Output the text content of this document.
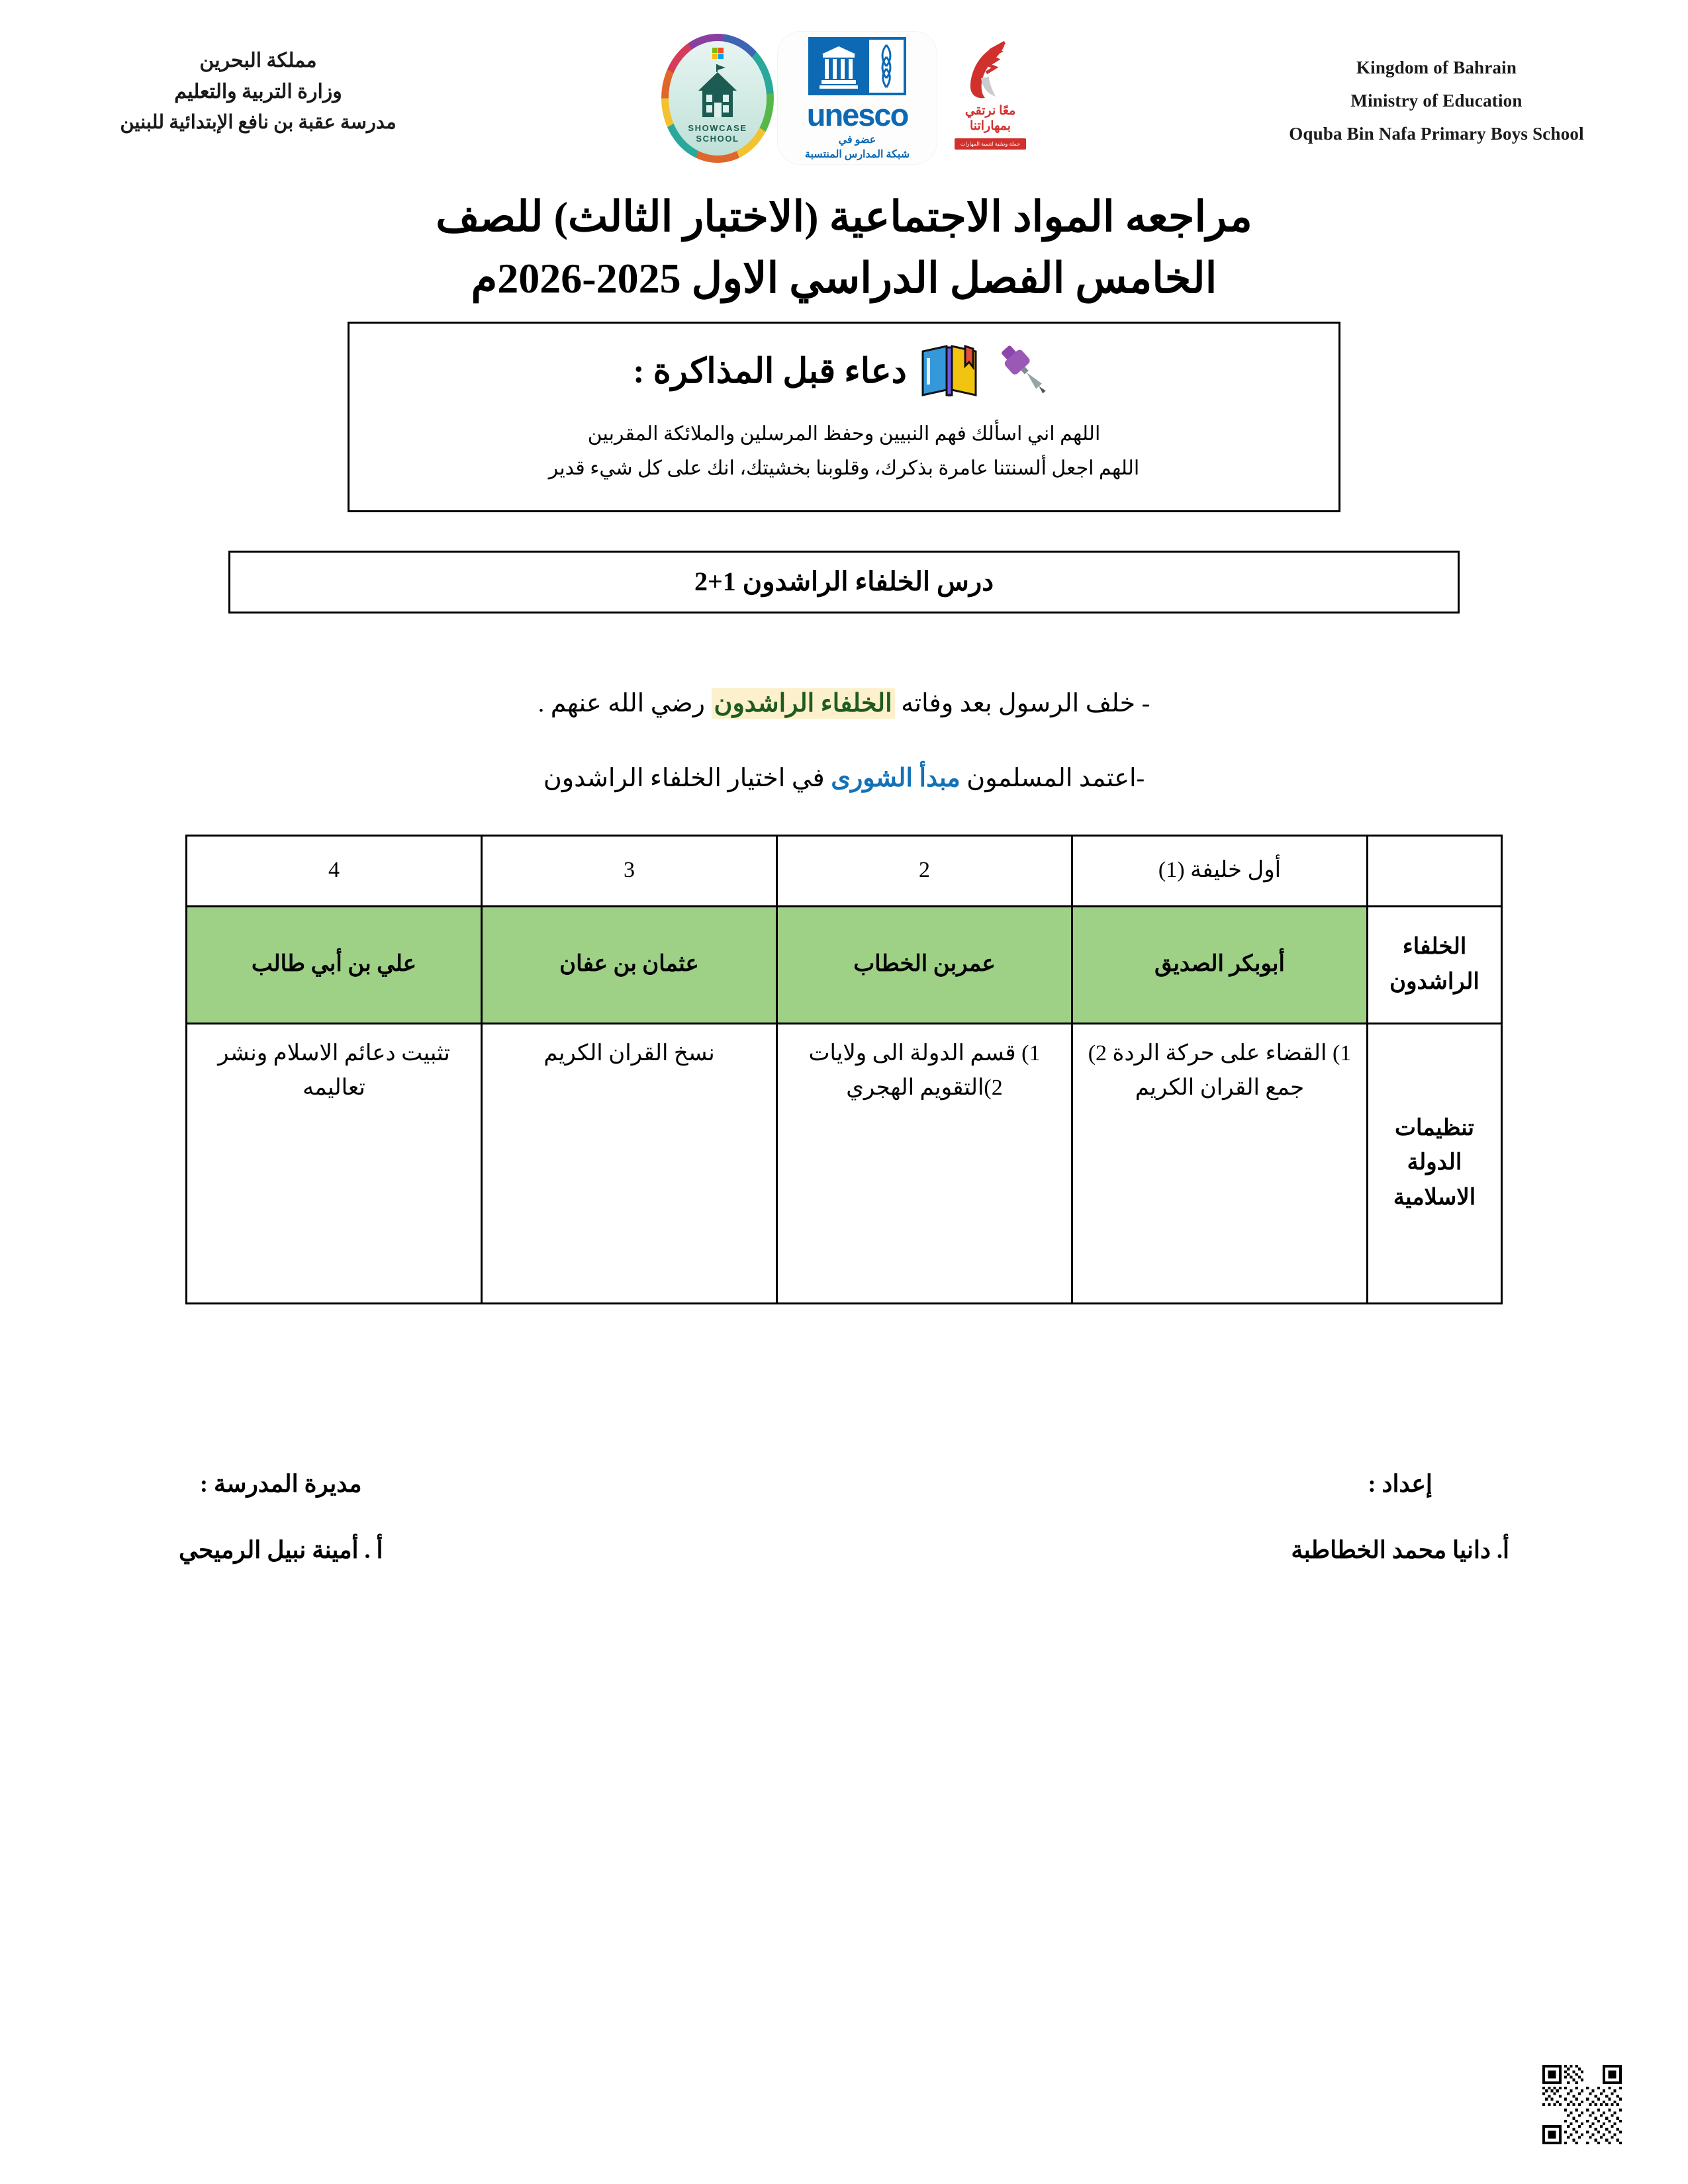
مملكة البحرين
وزارة التربية والتعليم
مدرسة عقبة بن نافع الإبتدائية للبنين
معًا نرتقي
بمهاراتنا
حملة وطنية لتنمية المهارات
unesco
عضو في
شبكة المدارس المنتسبة
SHOWCASE
SCHOOL
Kingdom of Bahrain
Ministry of Education
Oquba Bin Nafa Primary Boys School
مراجعه المواد الاجتماعية (الاختبار الثالث) للصف
الخامس الفصل الدراسي الاول 2025-2026م
دعاء قبل المذاكرة :
اللهم اني اسألك فهم النبيين وحفظ المرسلين والملائكة المقربين
اللهم اجعل ألسنتنا عامرة بذكرك، وقلوبنا بخشيتك، انك على كل شيء قدير
درس الخلفاء الراشدون 1+2
- خلف الرسول بعد وفاته الخلفاء الراشدون رضي الله عنهم .
-اعتمد المسلمون مبدأ الشورى في اختيار الخلفاء الراشدون
	أول خليفة (1)	2	3	4
الخلفاء الراشدون	أبوبكر الصديق	عمربن الخطاب	عثمان بن عفان	علي بن أبي طالب
تنظيمات الدولة الاسلامية	1) القضاء على حركة الردة 2) جمع القران الكريم	1) قسم الدولة الى ولايات 2)التقويم الهجري	نسخ القران الكريم	تثبيت دعائم الاسلام ونشر تعاليمه
إعداد :
أ. دانيا محمد الخطاطبة
مديرة المدرسة :
أ . أمينة نبيل الرميحي
